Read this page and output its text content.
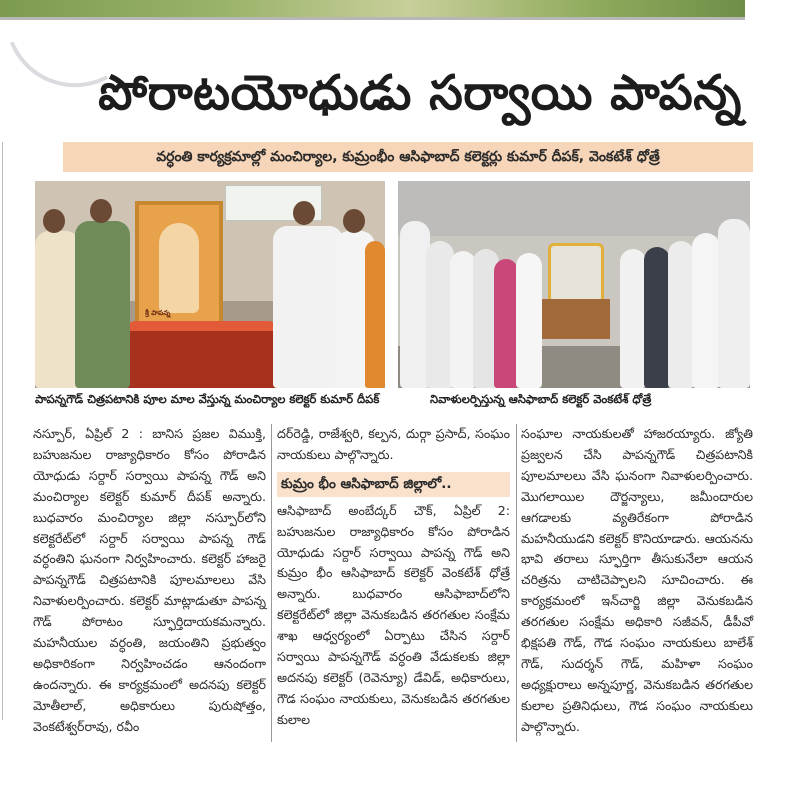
పోరాటయోధుడు సర్వాయి పాపన్న
వర్ధంతి కార్యక్రమాల్లో మంచిర్యాల, కుమ్రంభీం ఆసిఫాబాద్ కలెక్టర్లు కుమార్ దీపక్, వెంకటేశ్ ధోత్రే
శ్రీ పాపన్న
పాపన్నగౌడ్ చిత్రపటానికి పూల మాల వేస్తున్న మంచిర్యాల కలెక్టర్ కుమార్ దీపక్	నివాళులర్పిస్తున్న ఆసిఫాబాద్ కలెక్టర్ వెంకటేశ్ ధోత్రే
నస్పూర్, ఏప్రిల్ 2 : బానిస ప్రజల విముక్తి, బహుజనుల రాజ్యాధికారం కోసం పోరాడిన యోధుడు సర్దార్ సర్వాయి పాపన్న గౌడ్ అని మంచిర్యాల కలెక్టర్ కుమార్ దీపక్ అన్నారు. బుధవారం మంచిర్యాల జిల్లా నస్పూర్‌లోని కలెక్టరేట్‌లో సర్దార్ సర్వాయి పాపన్న గౌడ్ వర్ధంతిని ఘనంగా నిర్వహించారు. కలెక్టర్ హాజరై పాపన్నగౌడ్ చిత్రపటానికి పూలమాలలు వేసి నివాళులర్పించారు. కలెక్టర్ మాట్లాడుతూ పాపన్న గౌడ్ పోరాటం స్ఫూర్తిదాయకమన్నారు. మహనీయుల వర్ధంతి, జయంతిని ప్రభుత్వం అధికారికంగా నిర్వహించడం ఆనందంగా ఉందన్నారు. ఈ కార్యక్రమంలో అదనపు కలెక్టర్ మోతీలాల్, అధికారులు పురుషోత్తం, వెంకటేశ్వర్‌రావు, రవీం
దర్‌రెడ్డి, రాజేశ్వరి, కల్పన, దుర్గా ప్రసాద్, సంఘం నాయకులు పాల్గొన్నారు.
కుమ్రం భీం ఆసిఫాబాద్ జిల్లాలో..
ఆసిఫాబాద్ అంబేద్కర్ చౌక్, ఏప్రిల్ 2: బహుజనుల రాజ్యాధికారం కోసం పోరాడిన యోధుడు సర్దార్ సర్వాయి పాపన్న గౌడ్ అని కుమ్రం భీం ఆసిఫాబాద్ కలెక్టర్ వెంకటేశ్ ధోత్రే అన్నారు. బుధవారం ఆసిఫాబాద్‌లోని కలెక్టరేట్‌లో జిల్లా వెనుకబడిన తరగతుల సంక్షేమ శాఖ ఆధ్వర్యంలో ఏర్పాటు చేసిన సర్దార్ సర్వాయి పాపన్నగౌడ్ వర్ధంతి వేడుకలకు జిల్లా అదనపు కలెక్టర్ (రెవెన్యూ) డేవిడ్, అధికారులు, గౌడ సంఘం నాయకులు, వెనుకబడిన తరగతుల కులాల
సంఘాల నాయకులతో హాజరయ్యారు. జ్యోతి ప్రజ్వలన చేసి పాపన్నగౌడ్ చిత్రపటానికి పూలమాలలు వేసి ఘనంగా నివాళులర్పించారు. మొగలాయిల దౌర్జన్యాలు, జమీందారుల ఆగడాలకు వ్యతిరేకంగా పోరాడిన మహనీయుడని కలెక్టర్ కొనియాడారు. ఆయనను భావి తరాలు స్ఫూర్తిగా తీసుకునేలా ఆయన చరిత్రను చాటిచెప్పాలని సూచించారు. ఈ కార్యక్రమంలో ఇన్‌చార్జి జిల్లా వెనుకబడిన తరగతుల సంక్షేమ అధికారి సజీవన్, డీపీవో భిక్షపతి గౌడ్, గౌడ సంఘం నాయకులు బాలేశ్ గౌడ్, సుదర్శన్ గౌడ్, మహిళా సంఘం అధ్యక్షురాలు అన్నపూర్ణ, వెనుకబడిన తరగతుల కులాల ప్రతినిధులు, గౌడ సంఘం నాయకులు పాల్గొన్నారు.
